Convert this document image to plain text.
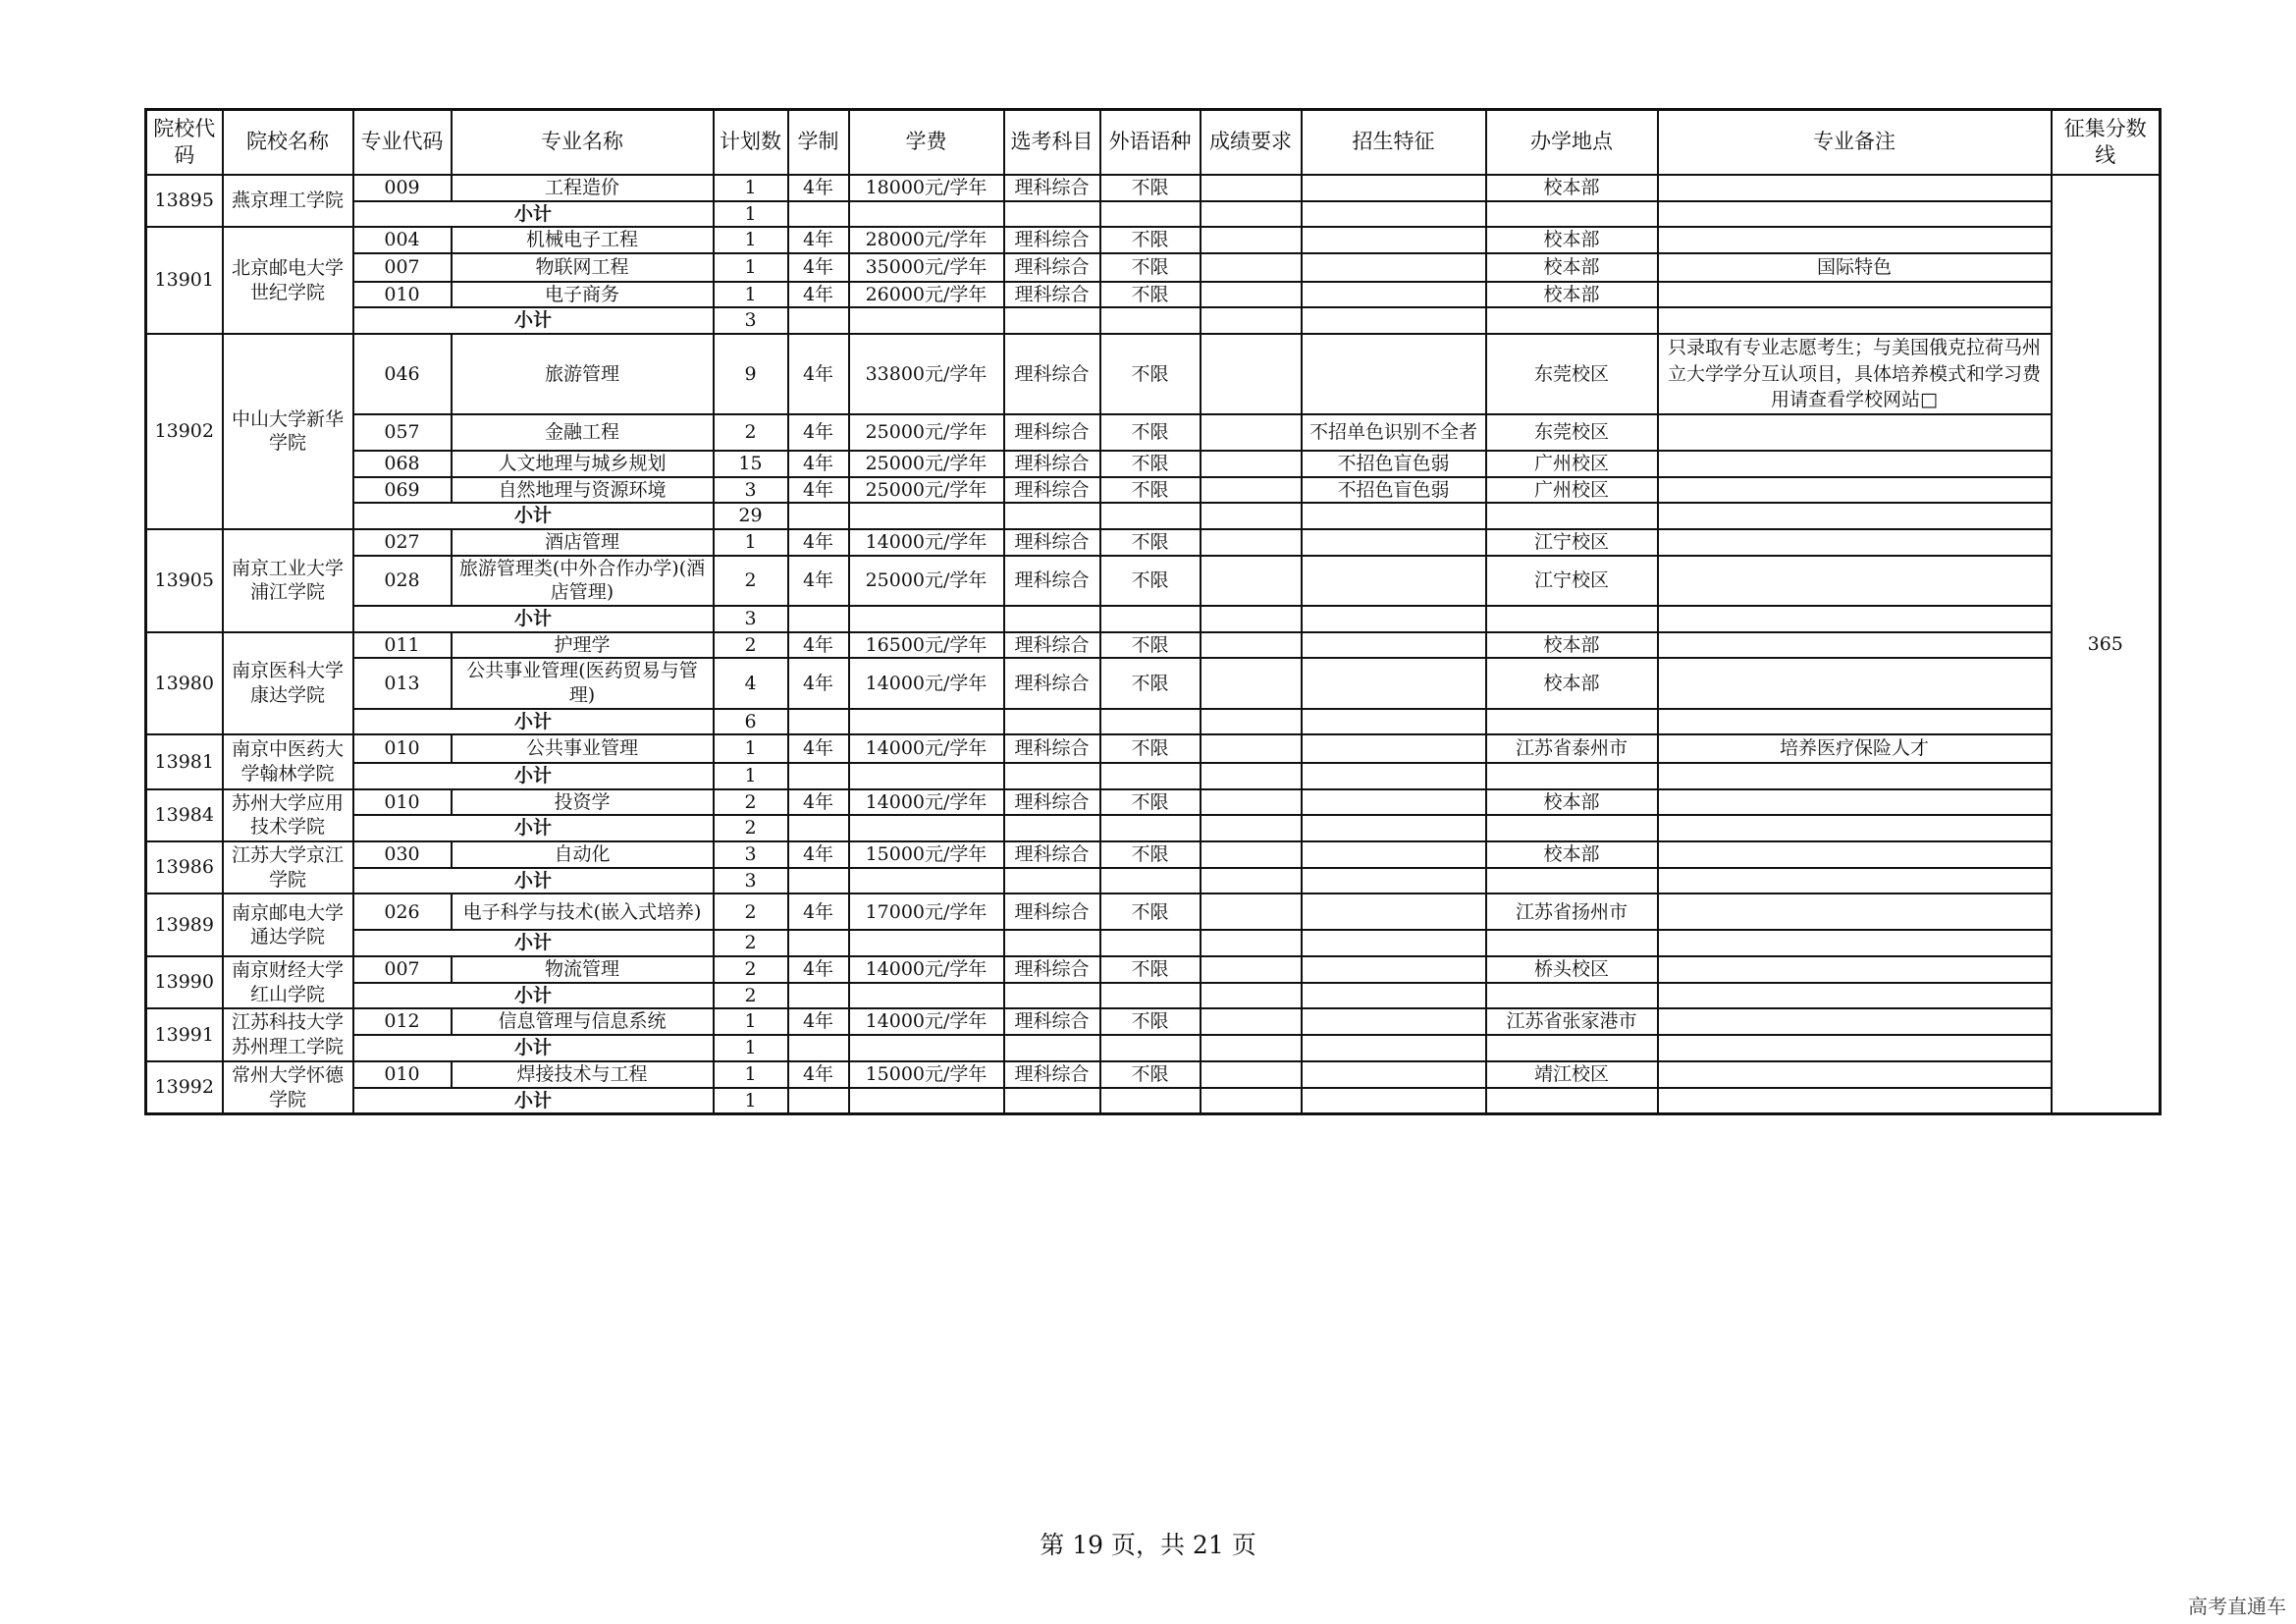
院校代码	院校名称	专业代码	专业名称	计划数	学制	学费	选考科目	外语语种	成绩要求	招生特征	办学地点	专业备注	征集分数线
13895	燕京理工学院	009	工程造价	1	4年	18000元/学年	理科综合	不限			校本部		365
		小计		1									
13901	北京邮电大学世纪学院	004	机械电子工程	1	4年	28000元/学年	理科综合	不限			校本部		
		007	物联网工程	1	4年	35000元/学年	理科综合	不限			校本部	国际特色	
		010	电子商务	1	4年	26000元/学年	理科综合	不限			校本部		
		小计		3									
13902	中山大学新华学院	046	旅游管理	9	4年	33800元/学年	理科综合	不限			东莞校区	只录取有专业志愿考生；与美国俄克拉荷马州立大学学分互认项目，具体培养模式和学习费用请查看学校网站□	
		057	金融工程	2	4年	25000元/学年	理科综合	不限		不招单色识别不全者	东莞校区		
		068	人文地理与城乡规划	15	4年	25000元/学年	理科综合	不限		不招色盲色弱	广州校区		
		069	自然地理与资源环境	3	4年	25000元/学年	理科综合	不限		不招色盲色弱	广州校区		
		小计		29									
13905	南京工业大学浦江学院	027	酒店管理	1	4年	14000元/学年	理科综合	不限			江宁校区		
		028	旅游管理类(中外合作办学)(酒店管理)	2	4年	25000元/学年	理科综合	不限			江宁校区		
		小计		3									
13980	南京医科大学康达学院	011	护理学	2	4年	16500元/学年	理科综合	不限			校本部		
		013	公共事业管理(医药贸易与管理)	4	4年	14000元/学年	理科综合	不限			校本部		
		小计		6									
13981	南京中医药大学翰林学院	010	公共事业管理	1	4年	14000元/学年	理科综合	不限			江苏省泰州市	培养医疗保险人才	
		小计		1									
13984	苏州大学应用技术学院	010	投资学	2	4年	14000元/学年	理科综合	不限			校本部		
		小计		2									
13986	江苏大学京江学院	030	自动化	3	4年	15000元/学年	理科综合	不限			校本部		
		小计		3									
13989	南京邮电大学通达学院	026	电子科学与技术(嵌入式培养)	2	4年	17000元/学年	理科综合	不限			江苏省扬州市		
		小计		2									
13990	南京财经大学红山学院	007	物流管理	2	4年	14000元/学年	理科综合	不限			桥头校区		
		小计		2									
13991	江苏科技大学苏州理工学院	012	信息管理与信息系统	1	4年	14000元/学年	理科综合	不限			江苏省张家港市		
		小计		1									
13992	常州大学怀德学院	010	焊接技术与工程	1	4年	15000元/学年	理科综合	不限			靖江校区		
		小计		1									
第 19 页，共 21 页
高考直通车
